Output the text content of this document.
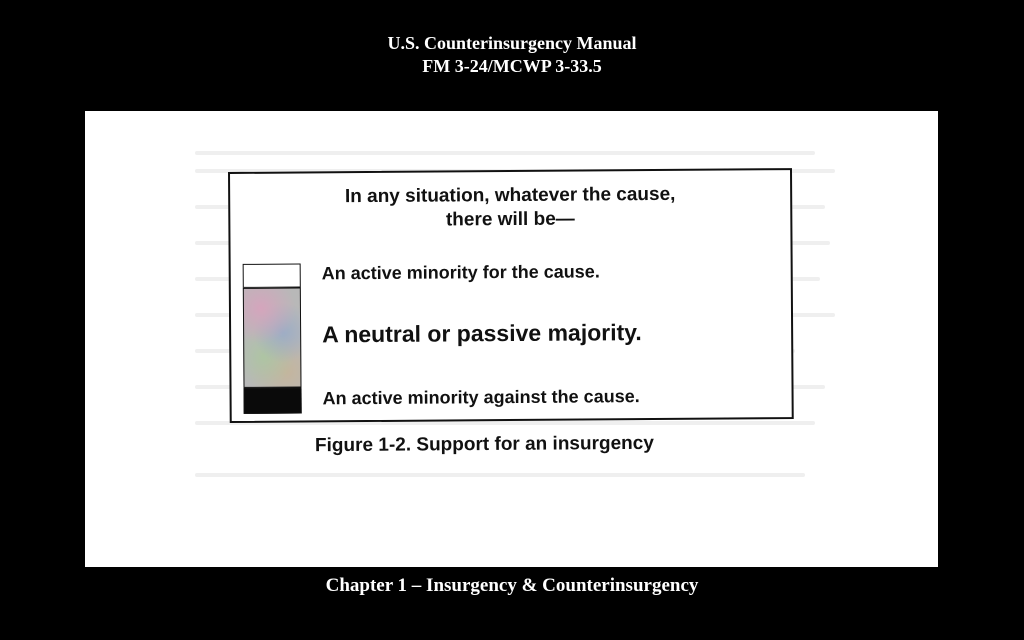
U.S. Counterinsurgency Manual
FM 3-24/MCWP 3-33.5
In any situation, whatever the cause,
there will be—
An active minority for the cause.
A neutral or passive majority.
An active minority against the cause.
Figure 1-2. Support for an insurgency
Chapter 1 – Insurgency & Counterinsurgency
